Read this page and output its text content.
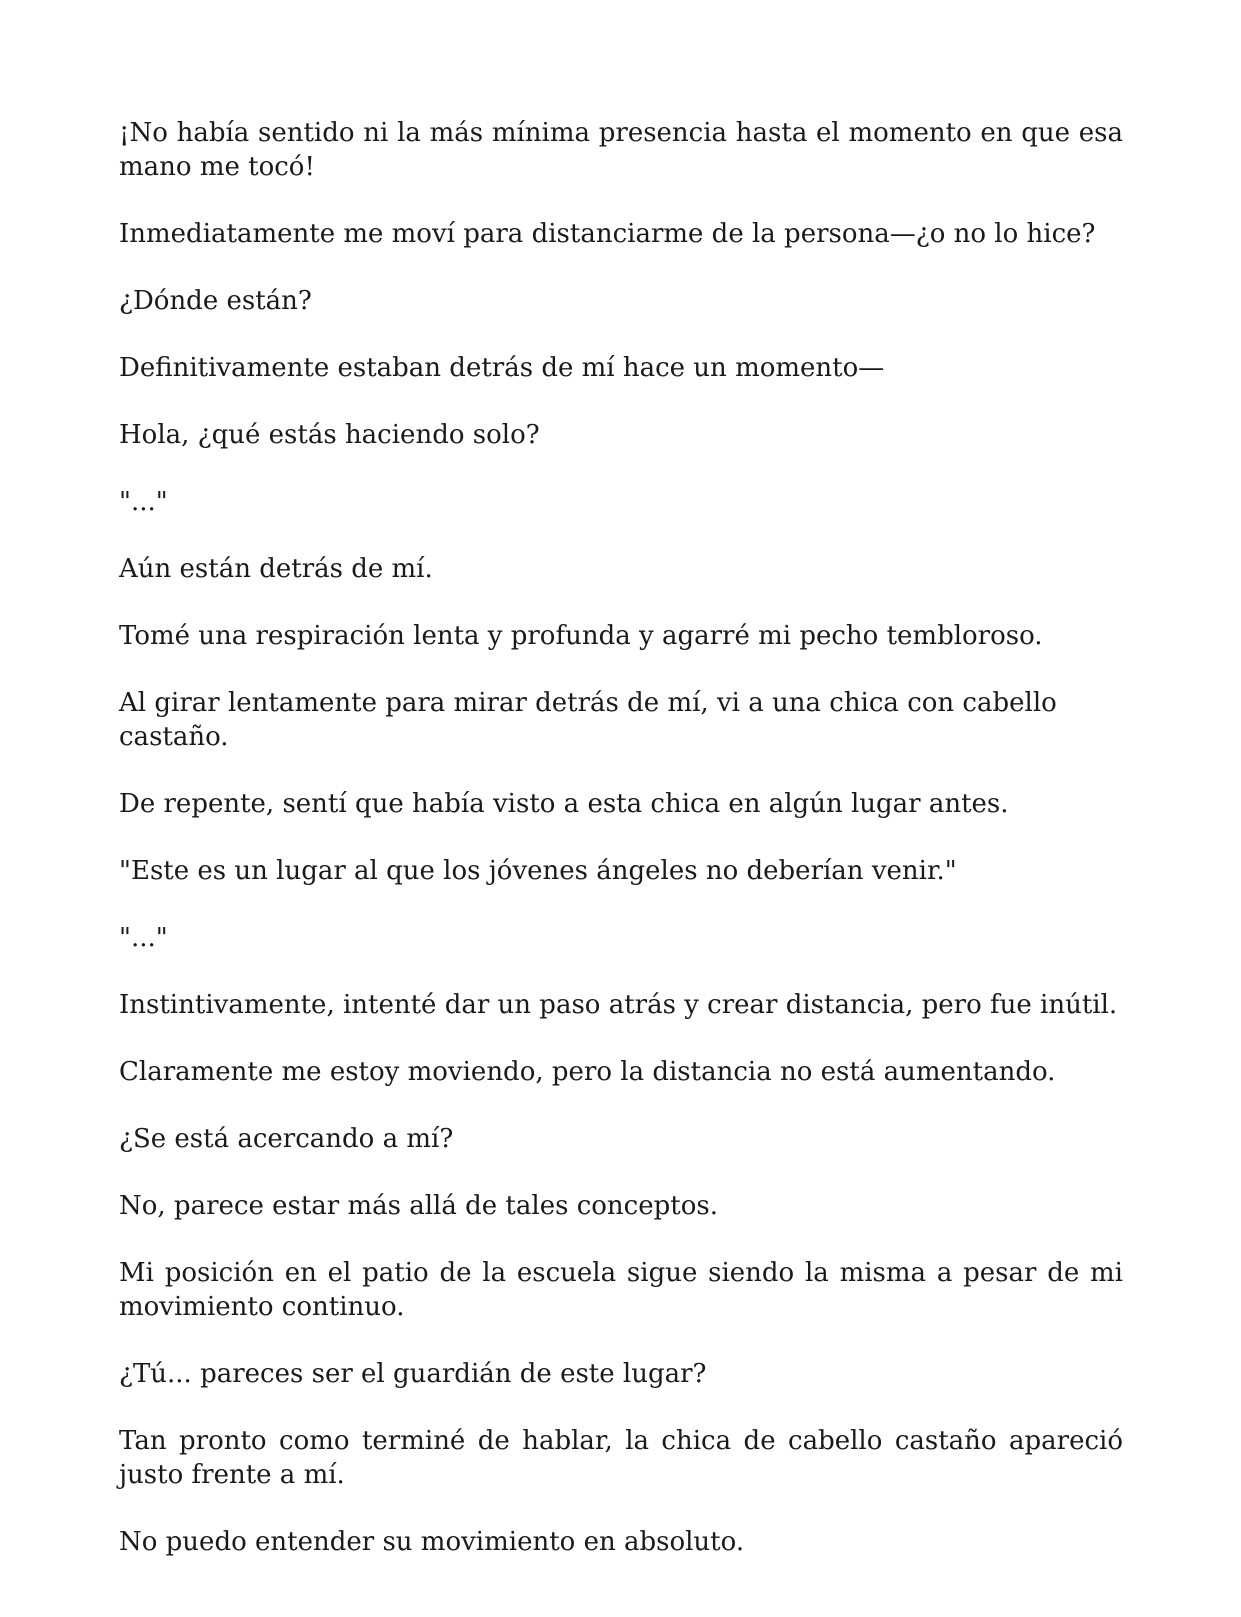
¡No había sentido ni la más mínima presencia hasta el momento en que esa mano me tocó!

Inmediatamente me moví para distanciarme de la persona—¿o no lo hice?

¿Dónde están?

Definitivamente estaban detrás de mí hace un momento—

Hola, ¿qué estás haciendo solo?

"..."

Aún están detrás de mí.

Tomé una respiración lenta y profunda y agarré mi pecho tembloroso.

Al girar lentamente para mirar detrás de mí, vi a una chica con cabello castaño.

De repente, sentí que había visto a esta chica en algún lugar antes.

"Este es un lugar al que los jóvenes ángeles no deberían venir."

"..."

Instintivamente, intenté dar un paso atrás y crear distancia, pero fue inútil.

Claramente me estoy moviendo, pero la distancia no está aumentando.

¿Se está acercando a mí?

No, parece estar más allá de tales conceptos.

Mi posición en el patio de la escuela sigue siendo la misma a pesar de mi movimiento continuo.

¿Tú... pareces ser el guardián de este lugar?

Tan pronto como terminé de hablar, la chica de cabello castaño apareció justo frente a mí.

No puedo entender su movimiento en absoluto.
